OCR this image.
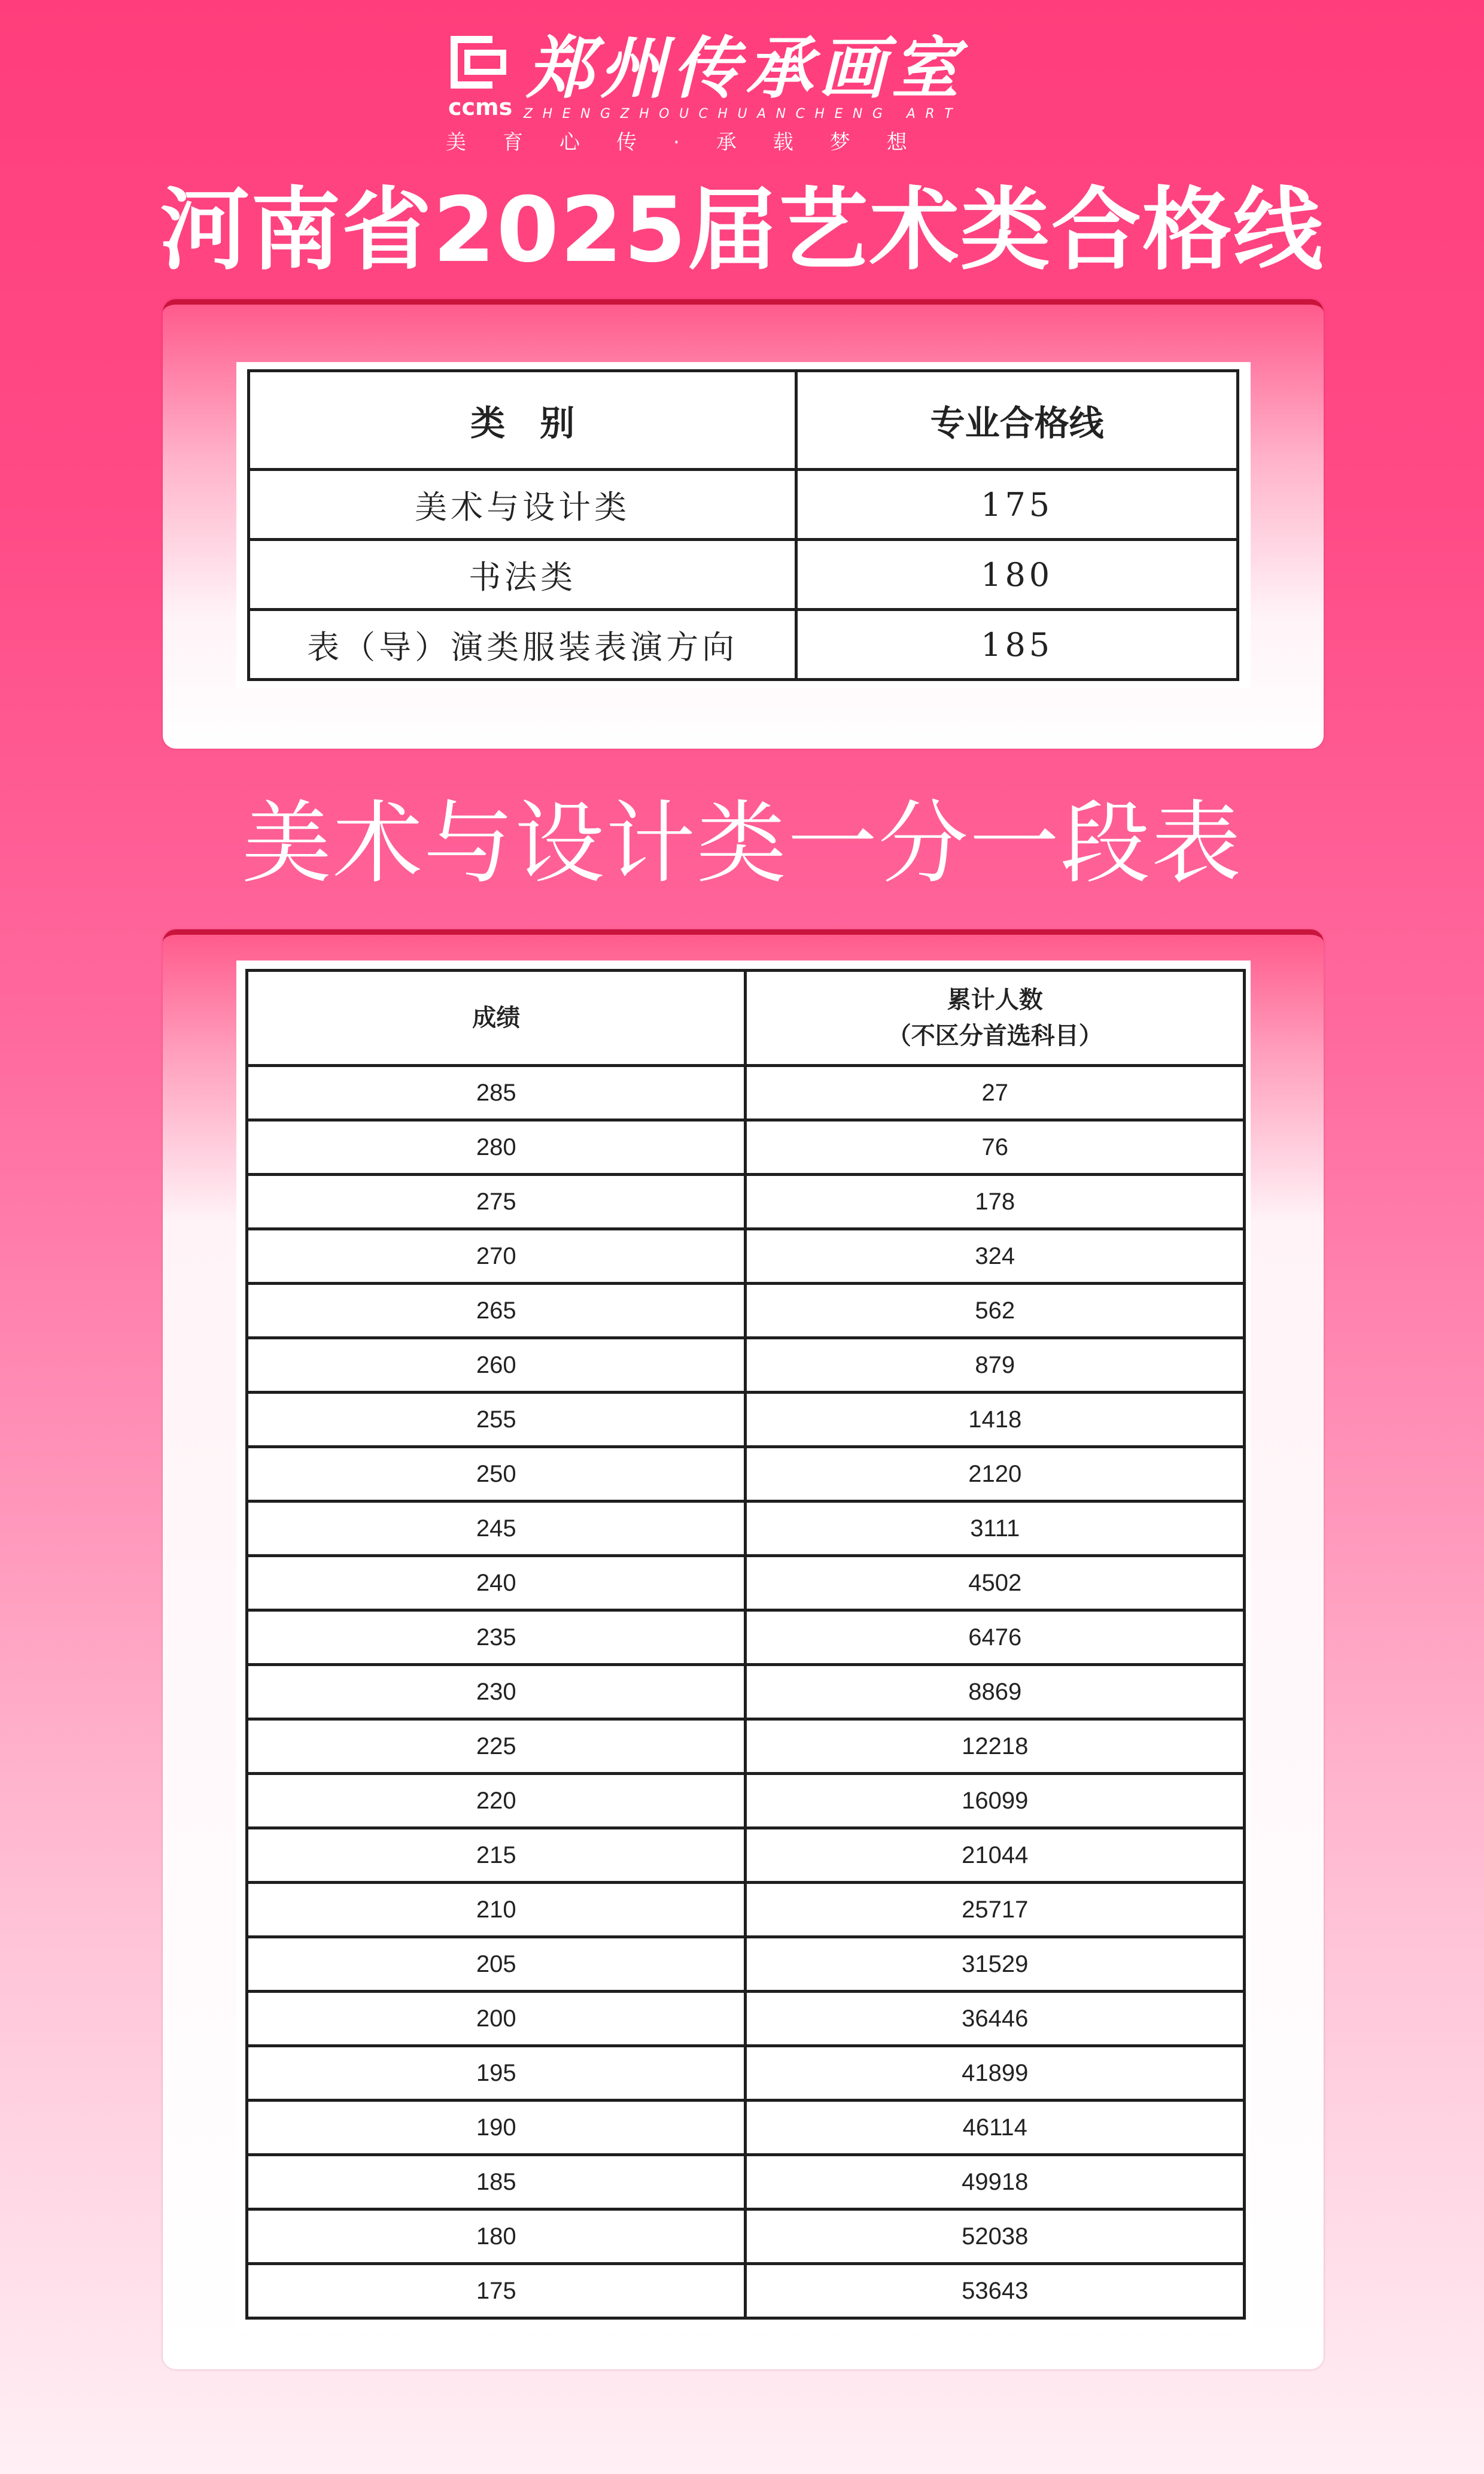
ccms 郑州传承画室
ZHENGZHOUCHUANCHENG ART
美育心传·承载梦想
河南省2025届艺术类合格线
类　别	专业合格线
美术与设计类	175
书法类	180
表（导）演类服装表演方向	185
美术与设计类一分一段表
成绩	累计人数
（不区分首选科目）

285	27
280	76
275	178
270	324
265	562
260	879
255	1418
250	2120
245	3111
240	4502
235	6476
230	8869
225	12218
220	16099
215	21044
210	25717
205	31529
200	36446
195	41899
190	46114
185	49918
180	52038
175	53643
